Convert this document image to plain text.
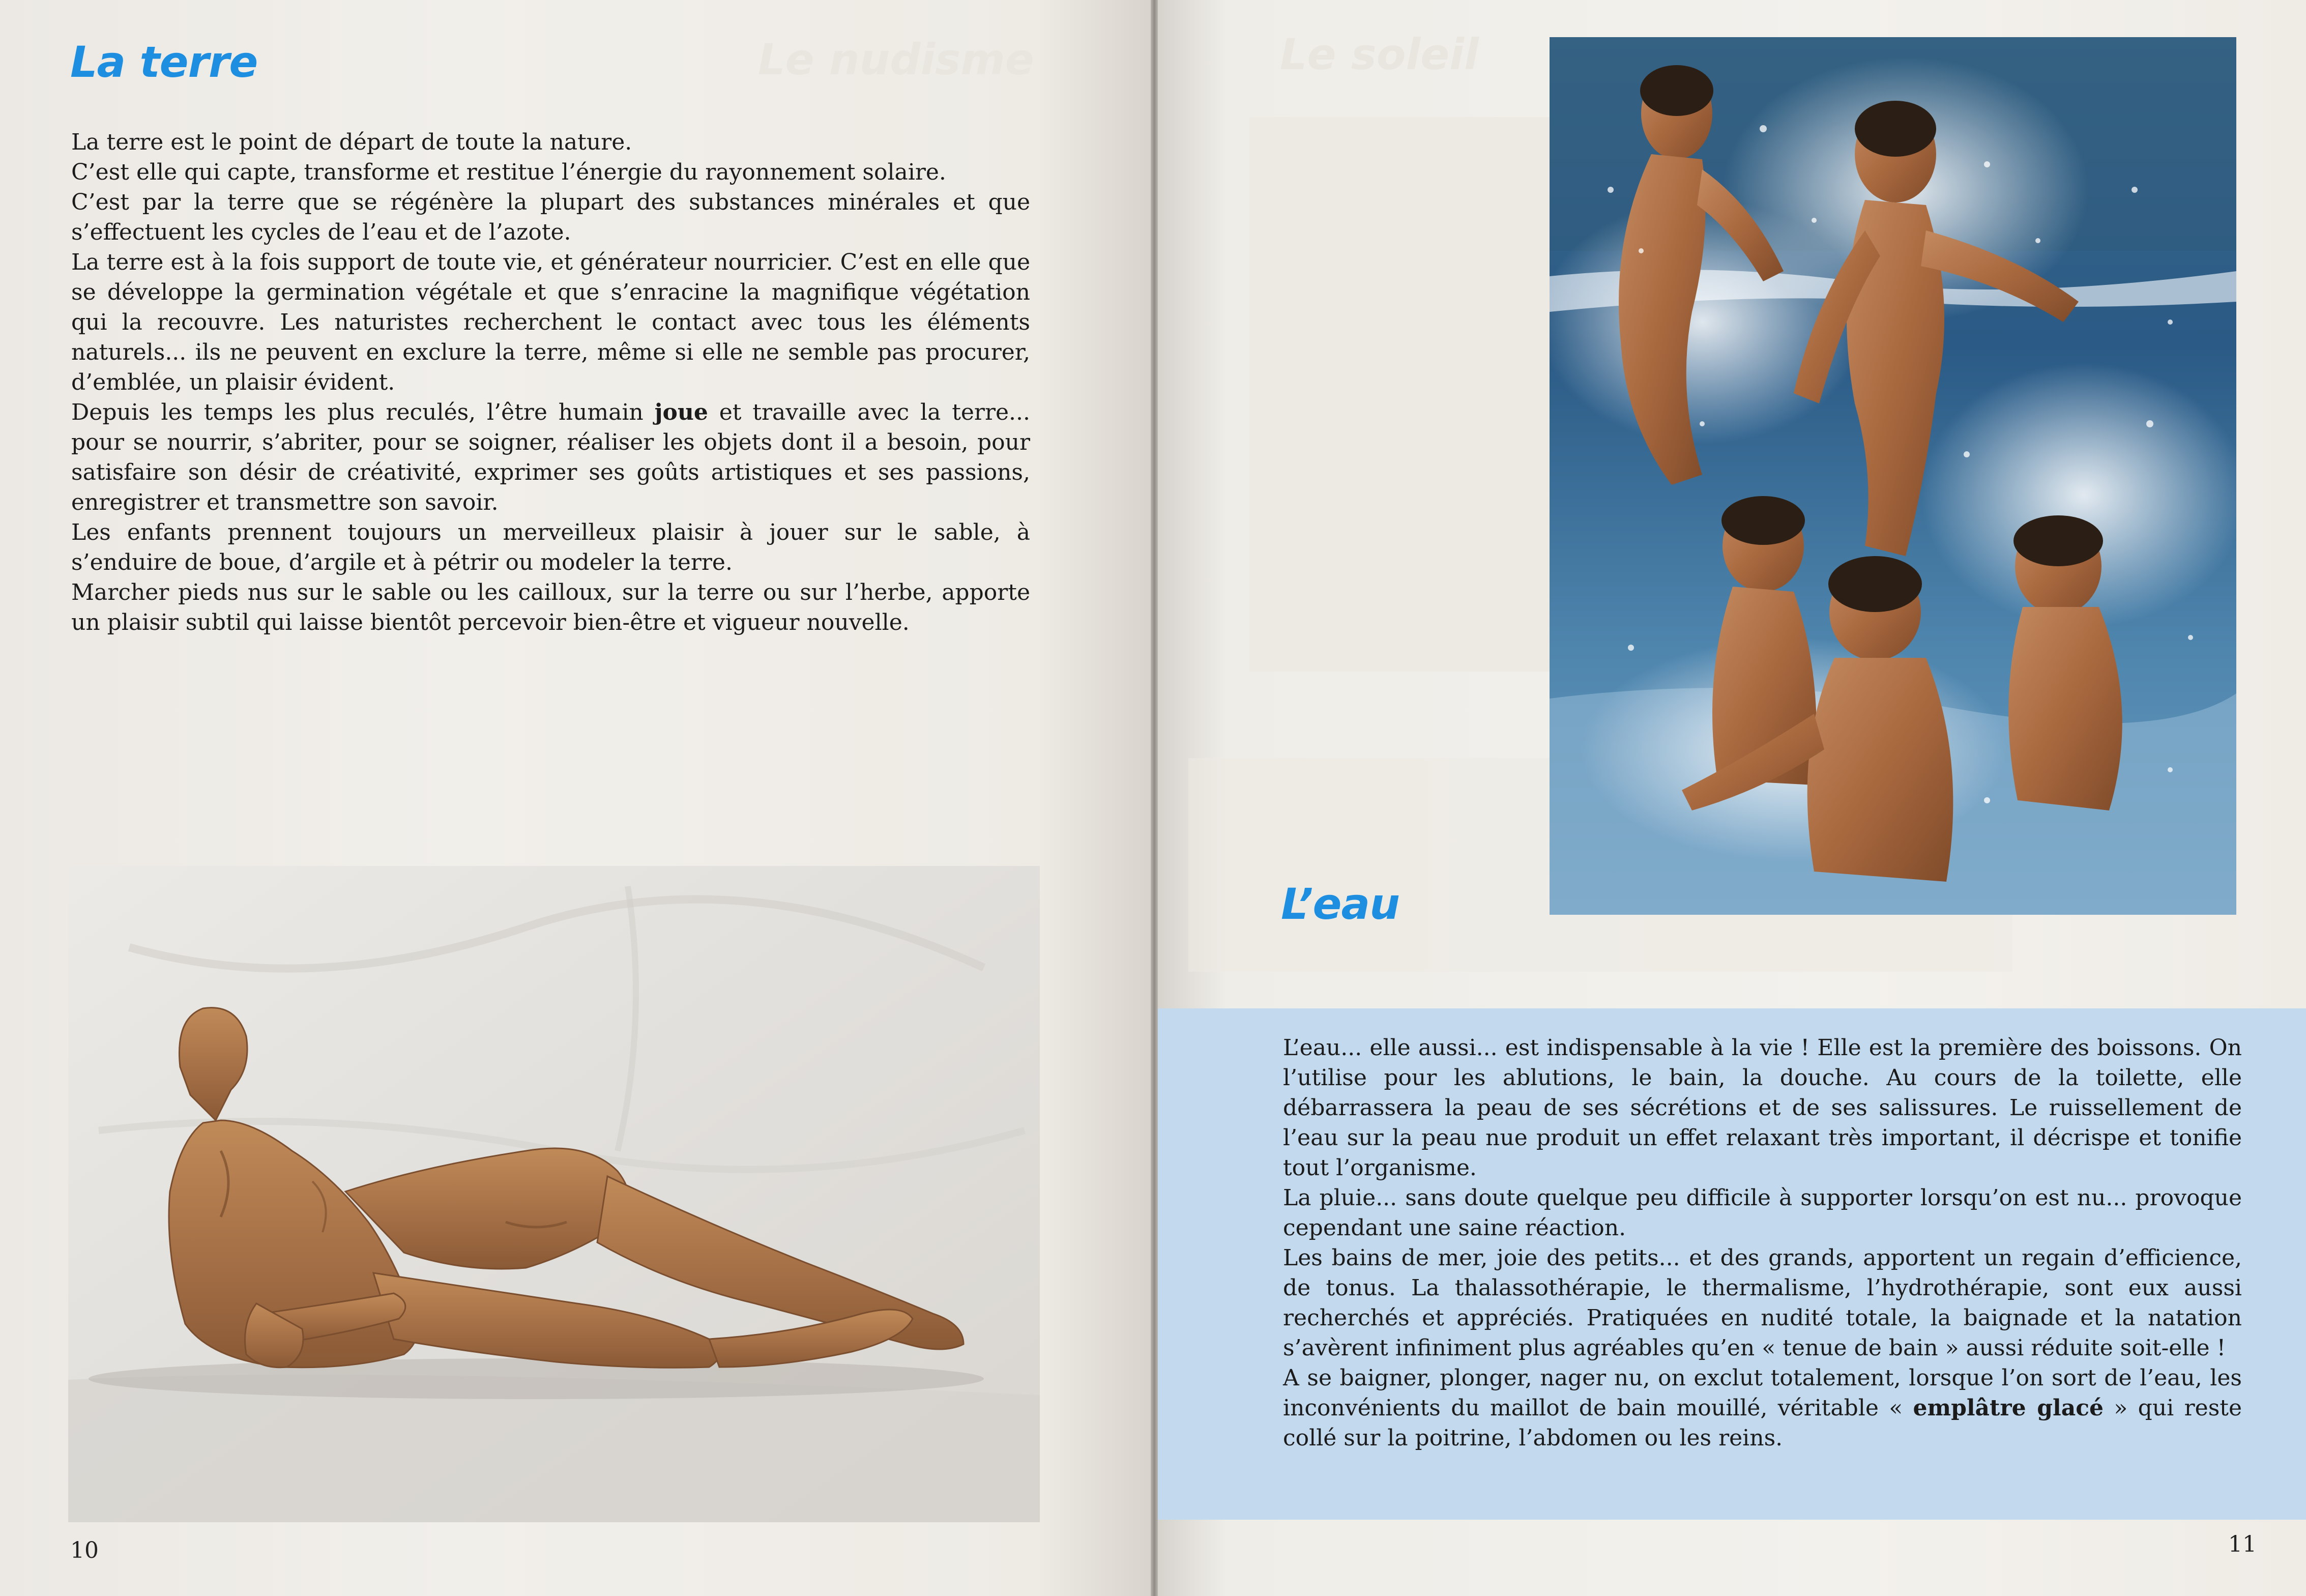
Le nudisme
La terre

La terre est le point de départ de toute la nature.

C’est elle qui capte, transforme et restitue l’énergie du rayonnement solaire.

C’est par la terre que se régénère la plupart des substances minérales et que s’effectuent les cycles de l’eau et de l’azote.

La terre est à la fois support de toute vie, et générateur nourricier. C’est en elle que se développe la germination végétale et que s’enracine la magnifique végétation qui la recouvre. Les naturistes recherchent le contact avec tous les éléments naturels... ils ne peuvent en exclure la terre, même si elle ne semble pas procurer, d’emblée, un plaisir évident.

Depuis les temps les plus reculés, l’être humain joue et travaille avec la terre... pour se nourrir, s’abriter, pour se soigner, réaliser les objets dont il a besoin, pour satisfaire son désir de créativité, exprimer ses goûts artistiques et ses passions, enregistrer et transmettre son savoir.

Les enfants prennent toujours un merveilleux plaisir à jouer sur le sable, à s’enduire de boue, d’argile et à pétrir ou modeler la terre.

Marcher pieds nus sur le sable ou les cailloux, sur la terre ou sur l’herbe, apporte un plaisir subtil qui laisse bientôt percevoir bien-être et vigueur nouvelle.

10

Le soleil
L’eau

11

L’eau... elle aussi... est indispensable à la vie ! Elle est la première des boissons. On l’utilise pour les ablutions, le bain, la douche. Au cours de la toilette, elle débarrassera la peau de ses sécrétions et de ses salissures. Le ruissellement de l’eau sur la peau nue produit un effet relaxant très important, il décrispe et tonifie tout l’organisme.

La pluie... sans doute quelque peu difficile à supporter lorsqu’on est nu... provoque cependant une saine réaction.

Les bains de mer, joie des petits... et des grands, apportent un regain d’efficience, de tonus. La thalassothérapie, le thermalisme, l’hydrothérapie, sont eux aussi recherchés et appréciés. Pratiquées en nudité totale, la baignade et la natation s’avèrent infiniment plus agréables qu’en « tenue de bain » aussi réduite soit-elle !

A se baigner, plonger, nager nu, on exclut totalement, lorsque l’on sort de l’eau, les inconvénients du maillot de bain mouillé, véritable « emplâtre glacé » qui reste collé sur la poitrine, l’abdomen ou les reins.
